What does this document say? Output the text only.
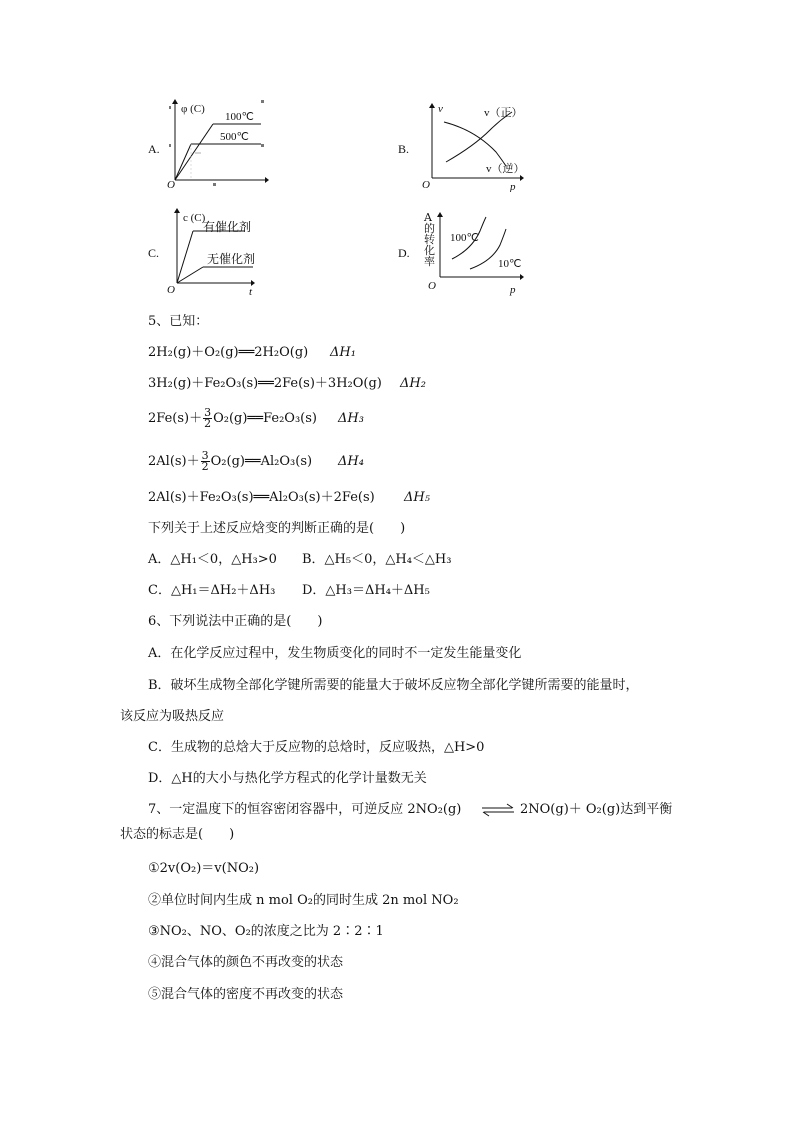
A.
φ (C)
100℃
500℃
O
B.
v	v（正）
v（逆）
O	p
C.
c (C)
有催化剂
无催化剂
O	t
D.
100℃
10℃
O	p
A的转化率
5、已知：
2H₂(g)＋O₂(g)══2H₂O(g) ΔH₁
3H₂(g)＋Fe₂O₃(s)══2Fe(s)＋3H₂O(g) ΔH₂
$2Fe(s)+ \frac{3}{2}$ O₂(g)══Fe₂O₃(s) ΔH₃
$2Al(s)+ \frac{3}{2}$ O₂(g)══Al₂O₃(s) ΔH₄
2Al(s)＋Fe₂O₃(s)══Al₂O₃(s)＋2Fe(s) ΔH₅
下列关于上述反应焓变的判断正确的是(　　)
A．△H₁＜0，△H₃>0 B．△H₅＜0，△H₄＜△H₃
C．△H₁＝ΔH₂＋ΔH₃ D．△H₃＝ΔH₄＋ΔH₅
6、下列说法中正确的是(　　)
A．在化学反应过程中，发生物质变化的同时不一定发生能量变化
B．破坏生成物全部化学键所需要的能量大于破坏反应物全部化学键所需要的能量时，
该反应为吸热反应
C．生成物的总焓大于反应物的总焓时，反应吸热，△H>0
D．△H的大小与热化学方程式的化学计量数无关
7、一定温度下的恒容密闭容器中，可逆反应 2NO₂(g) ⇌ 2NO(g)＋ O₂(g)达到平衡
状态的标志是(　　)
①2v(O₂)＝v(NO₂)
②单位时间内生成 n mol O₂的同时生成 2n mol NO₂
③NO₂、NO、O₂的浓度之比为 2∶2∶1
④混合气体的颜色不再改变的状态
⑤混合气体的密度不再改变的状态
